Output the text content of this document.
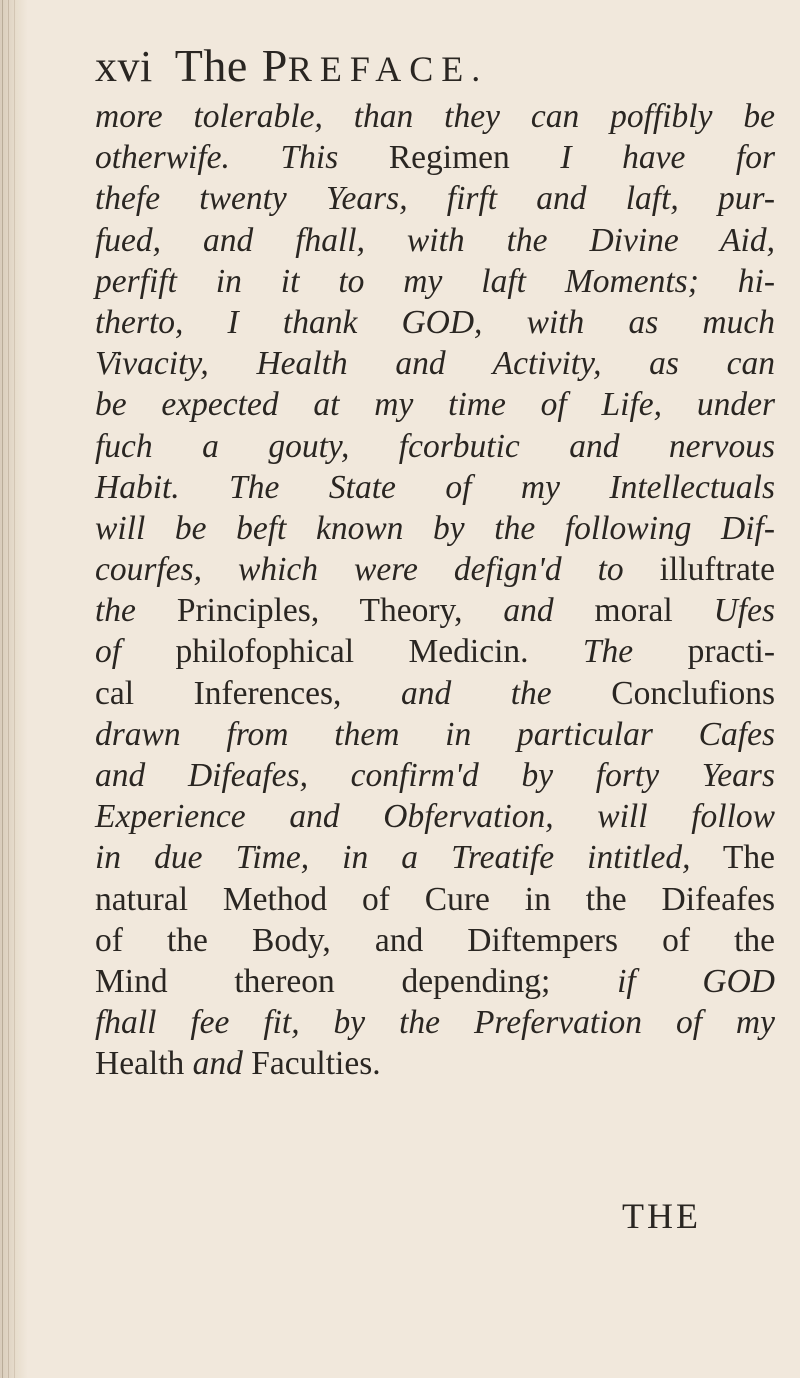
xvi The PREFACE.
more tolerable, than they can poffibly be
otherwife. This Regimen I have for
thefe twenty Years, firft and laft, pur-
fued, and fhall, with the Divine Aid,
perfift in it to my laft Moments; hi-
therto, I thank GOD, with as much
Vivacity, Health and Activity, as can
be expected at my time of Life, under
fuch a gouty, fcorbutic and nervous
Habit. The State of my Intellectuals
will be beft known by the following Dif-
courfes, which were defign'd to illuftrate
the Principles, Theory, and moral Ufes
of philofophical Medicin. The practi-
cal Inferences, and the Conclufions
drawn from them in particular Cafes
and Difeafes, confirm'd by forty Years
Experience and Obfervation, will follow
in due Time, in a Treatife intitled, The
natural Method of Cure in the Difeafes
of the Body, and Diftempers of the
Mind thereon depending; if GOD
fhall fee fit, by the Prefervation of my
Health and Faculties.
THE
